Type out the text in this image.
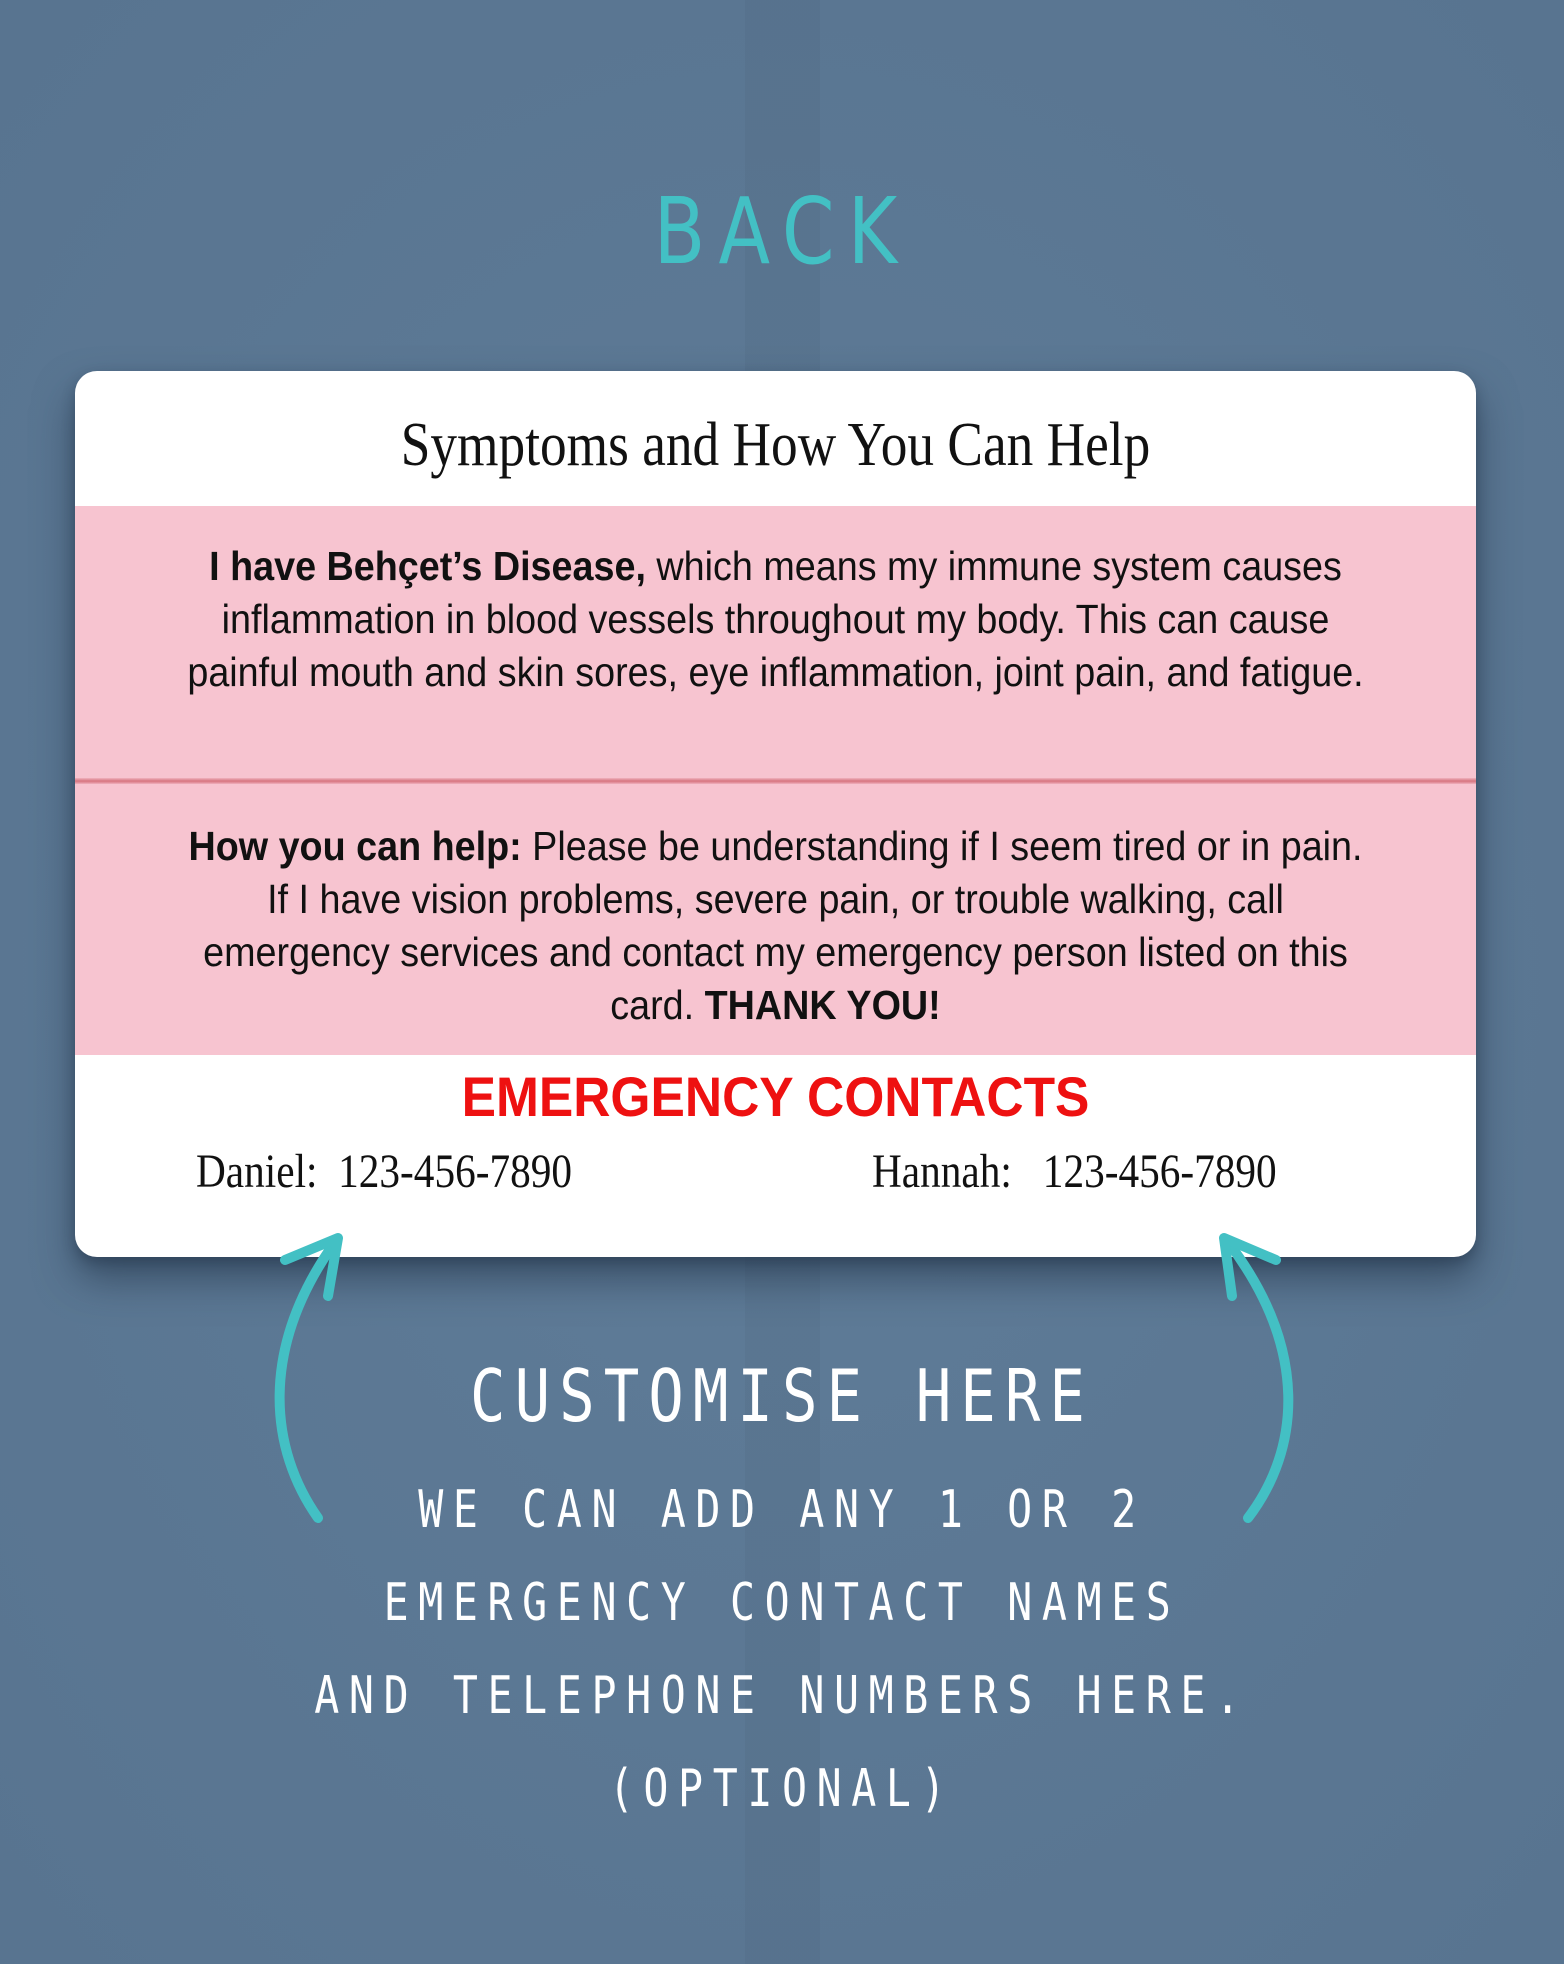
BACK
Symptoms and How You Can Help
I have Behçet’s Disease, which means my immune system causes inflammation in blood vessels throughout my body. This can cause painful mouth and skin sores, eye inflammation, joint pain, and fatigue.
How you can help: Please be understanding if I seem tired or in pain. If I have vision problems, severe pain, or trouble walking, call emergency services and contact my emergency person listed on this card. THANK YOU!
EMERGENCY CONTACTS
Daniel:  123-456-7890	Hannah:   123-456-7890
CUSTOMISE HERE
WE CAN ADD ANY 1 OR 2
EMERGENCY CONTACT NAMES
AND TELEPHONE NUMBERS HERE.
(OPTIONAL)
